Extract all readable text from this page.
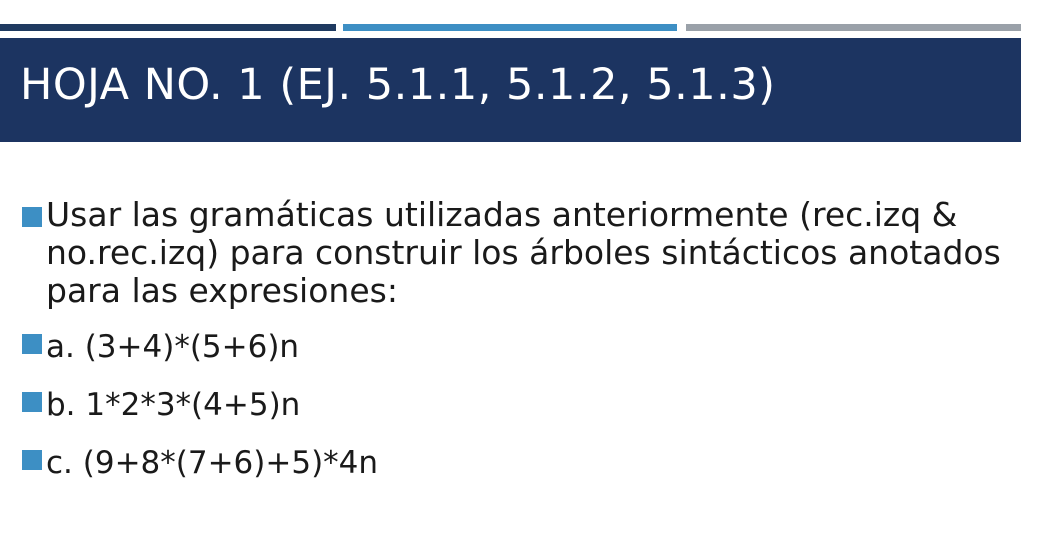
HOJA NO. 1 (EJ. 5.1.1, 5.1.2, 5.1.3)
Usar las gramáticas utilizadas anteriormente (rec.izq & no.rec.izq) para construir los árboles sintácticos anotados para las expresiones:
a. (3+4)*(5+6)n
b. 1*2*3*(4+5)n
c. (9+8*(7+6)+5)*4n
